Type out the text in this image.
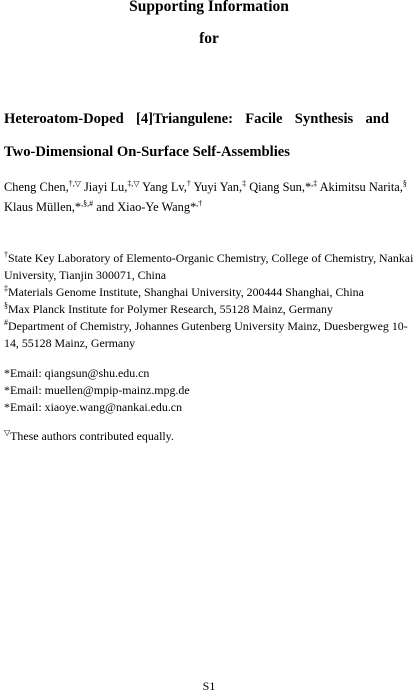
Supporting Information
for
Heteroatom-Doped [4]Triangulene: Facile Synthesis and
Two-Dimensional On-Surface Self-Assemblies
Cheng Chen,†,▽ Jiayi Lu,‡,▽ Yang Lv,† Yuyi Yan,‡ Qiang Sun,*,‡ Akimitsu Narita,§
Klaus Müllen,*,§,# and Xiao-Ye Wang*,†
†State Key Laboratory of Elemento-Organic Chemistry, College of Chemistry, Nankai
University, Tianjin 300071, China
‡Materials Genome Institute, Shanghai University, 200444 Shanghai, China
§Max Planck Institute for Polymer Research, 55128 Mainz, Germany
#Department of Chemistry, Johannes Gutenberg University Mainz, Duesbergweg 10-
14, 55128 Mainz, Germany
*Email: qiangsun@shu.edu.cn
*Email: muellen@mpip-mainz.mpg.de
*Email: xiaoye.wang@nankai.edu.cn
▽These authors contributed equally.
S1
